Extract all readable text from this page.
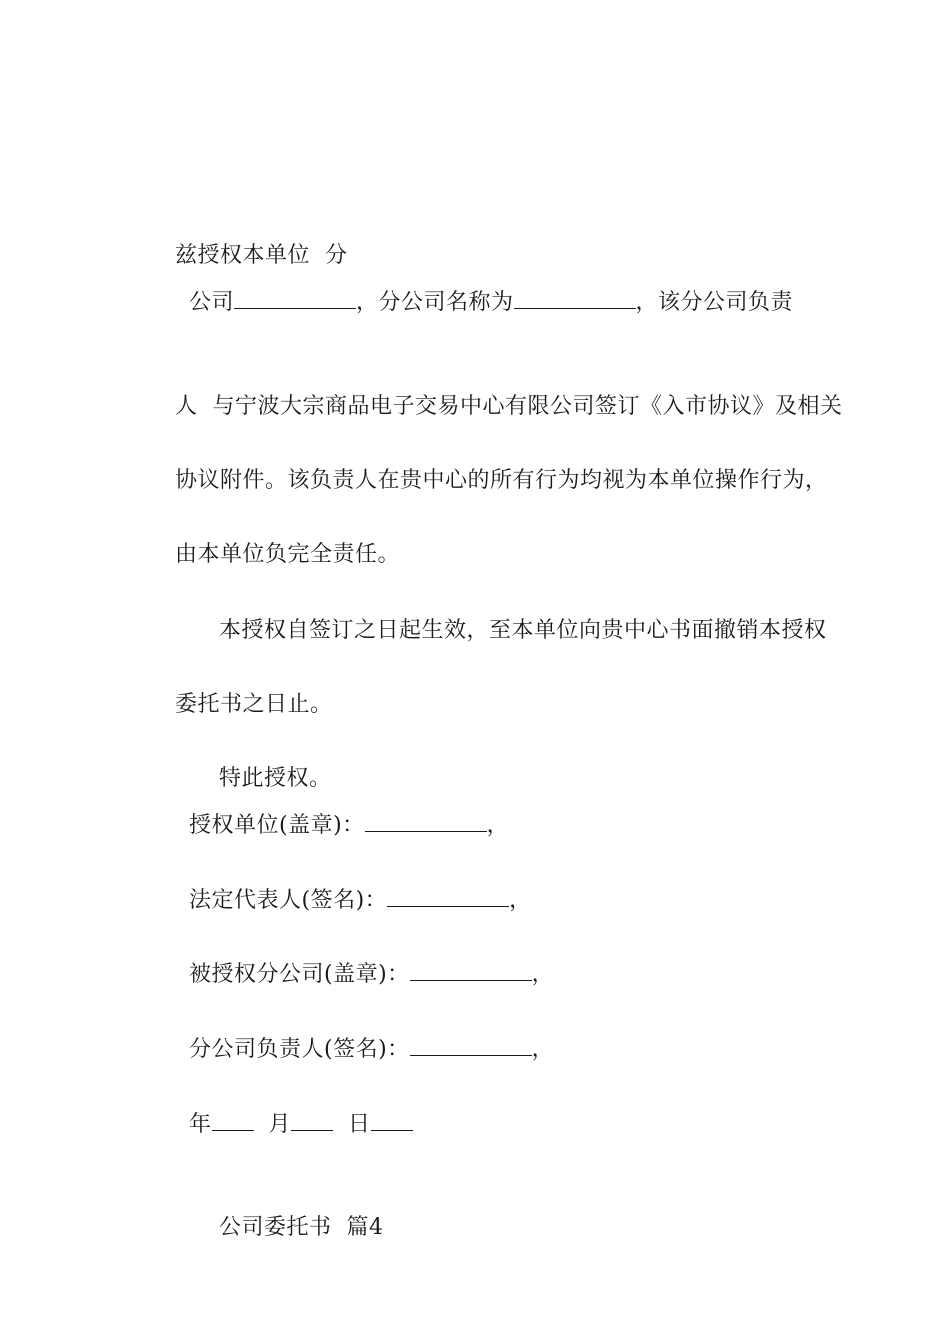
兹授权本单位  分

公司	，分公司名称为	，该分公司负责

人  与宁波大宗商品电子交易中心有限公司签订《入市协议》及相关

协议附件。该负责人在贵中心的所有行为均视为本单位操作行为，

由本单位负完全责任。

本授权自签订之日起生效，至本单位向贵中心书面撤销本授权

委托书之日止。

特此授权。

授权单位(盖章)：	，
法定代表人(签名)：	，
被授权分公司(盖章)：	，
分公司负责人(签名)：	，
年	月	日

公司委托书  篇4
